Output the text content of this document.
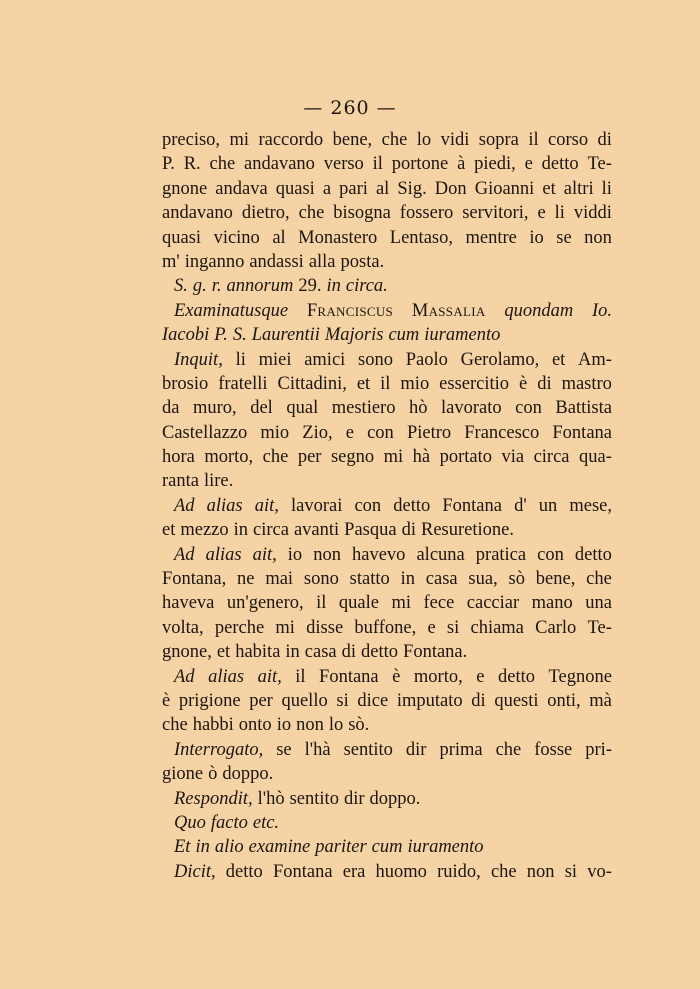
— 260 —
preciso, mi raccordo bene, che lo vidi sopra il corso di
P. R. che andavano verso il portone à piedi, e detto Te-
gnone andava quasi a pari al Sig. Don Gioanni et altri li
andavano dietro, che bisogna fossero servitori, e li viddi
quasi vicino al Monastero Lentaso, mentre io se non
m' inganno andassi alla posta.
S. g. r. annorum 29. in circa.
Examinatusque Franciscus Massalia quondam Io.
Iacobi P. S. Laurentii Majoris cum iuramento
Inquit, li miei amici sono Paolo Gerolamo, et Am-
brosio fratelli Cittadini, et il mio essercitio è di mastro
da muro, del qual mestiero hò lavorato con Battista
Castellazzo mio Zio, e con Pietro Francesco Fontana
hora morto, che per segno mi hà portato via circa qua-
ranta lire.
Ad alias ait, lavorai con detto Fontana d' un mese,
et mezzo in circa avanti Pasqua di Resuretione.
Ad alias ait, io non havevo alcuna pratica con detto
Fontana, ne mai sono statto in casa sua, sò bene, che
haveva un'genero, il quale mi fece cacciar mano una
volta, perche mi disse buffone, e si chiama Carlo Te-
gnone, et habita in casa di detto Fontana.
Ad alias ait, il Fontana è morto, e detto Tegnone
è prigione per quello si dice imputato di questi onti, mà
che habbi onto io non lo sò.
Interrogato, se l'hà sentito dir prima che fosse pri-
gione ò doppo.
Respondit, l'hò sentito dir doppo.
Quo facto etc.
Et in alio examine pariter cum iuramento
Dicit, detto Fontana era huomo ruido, che non si vo-
